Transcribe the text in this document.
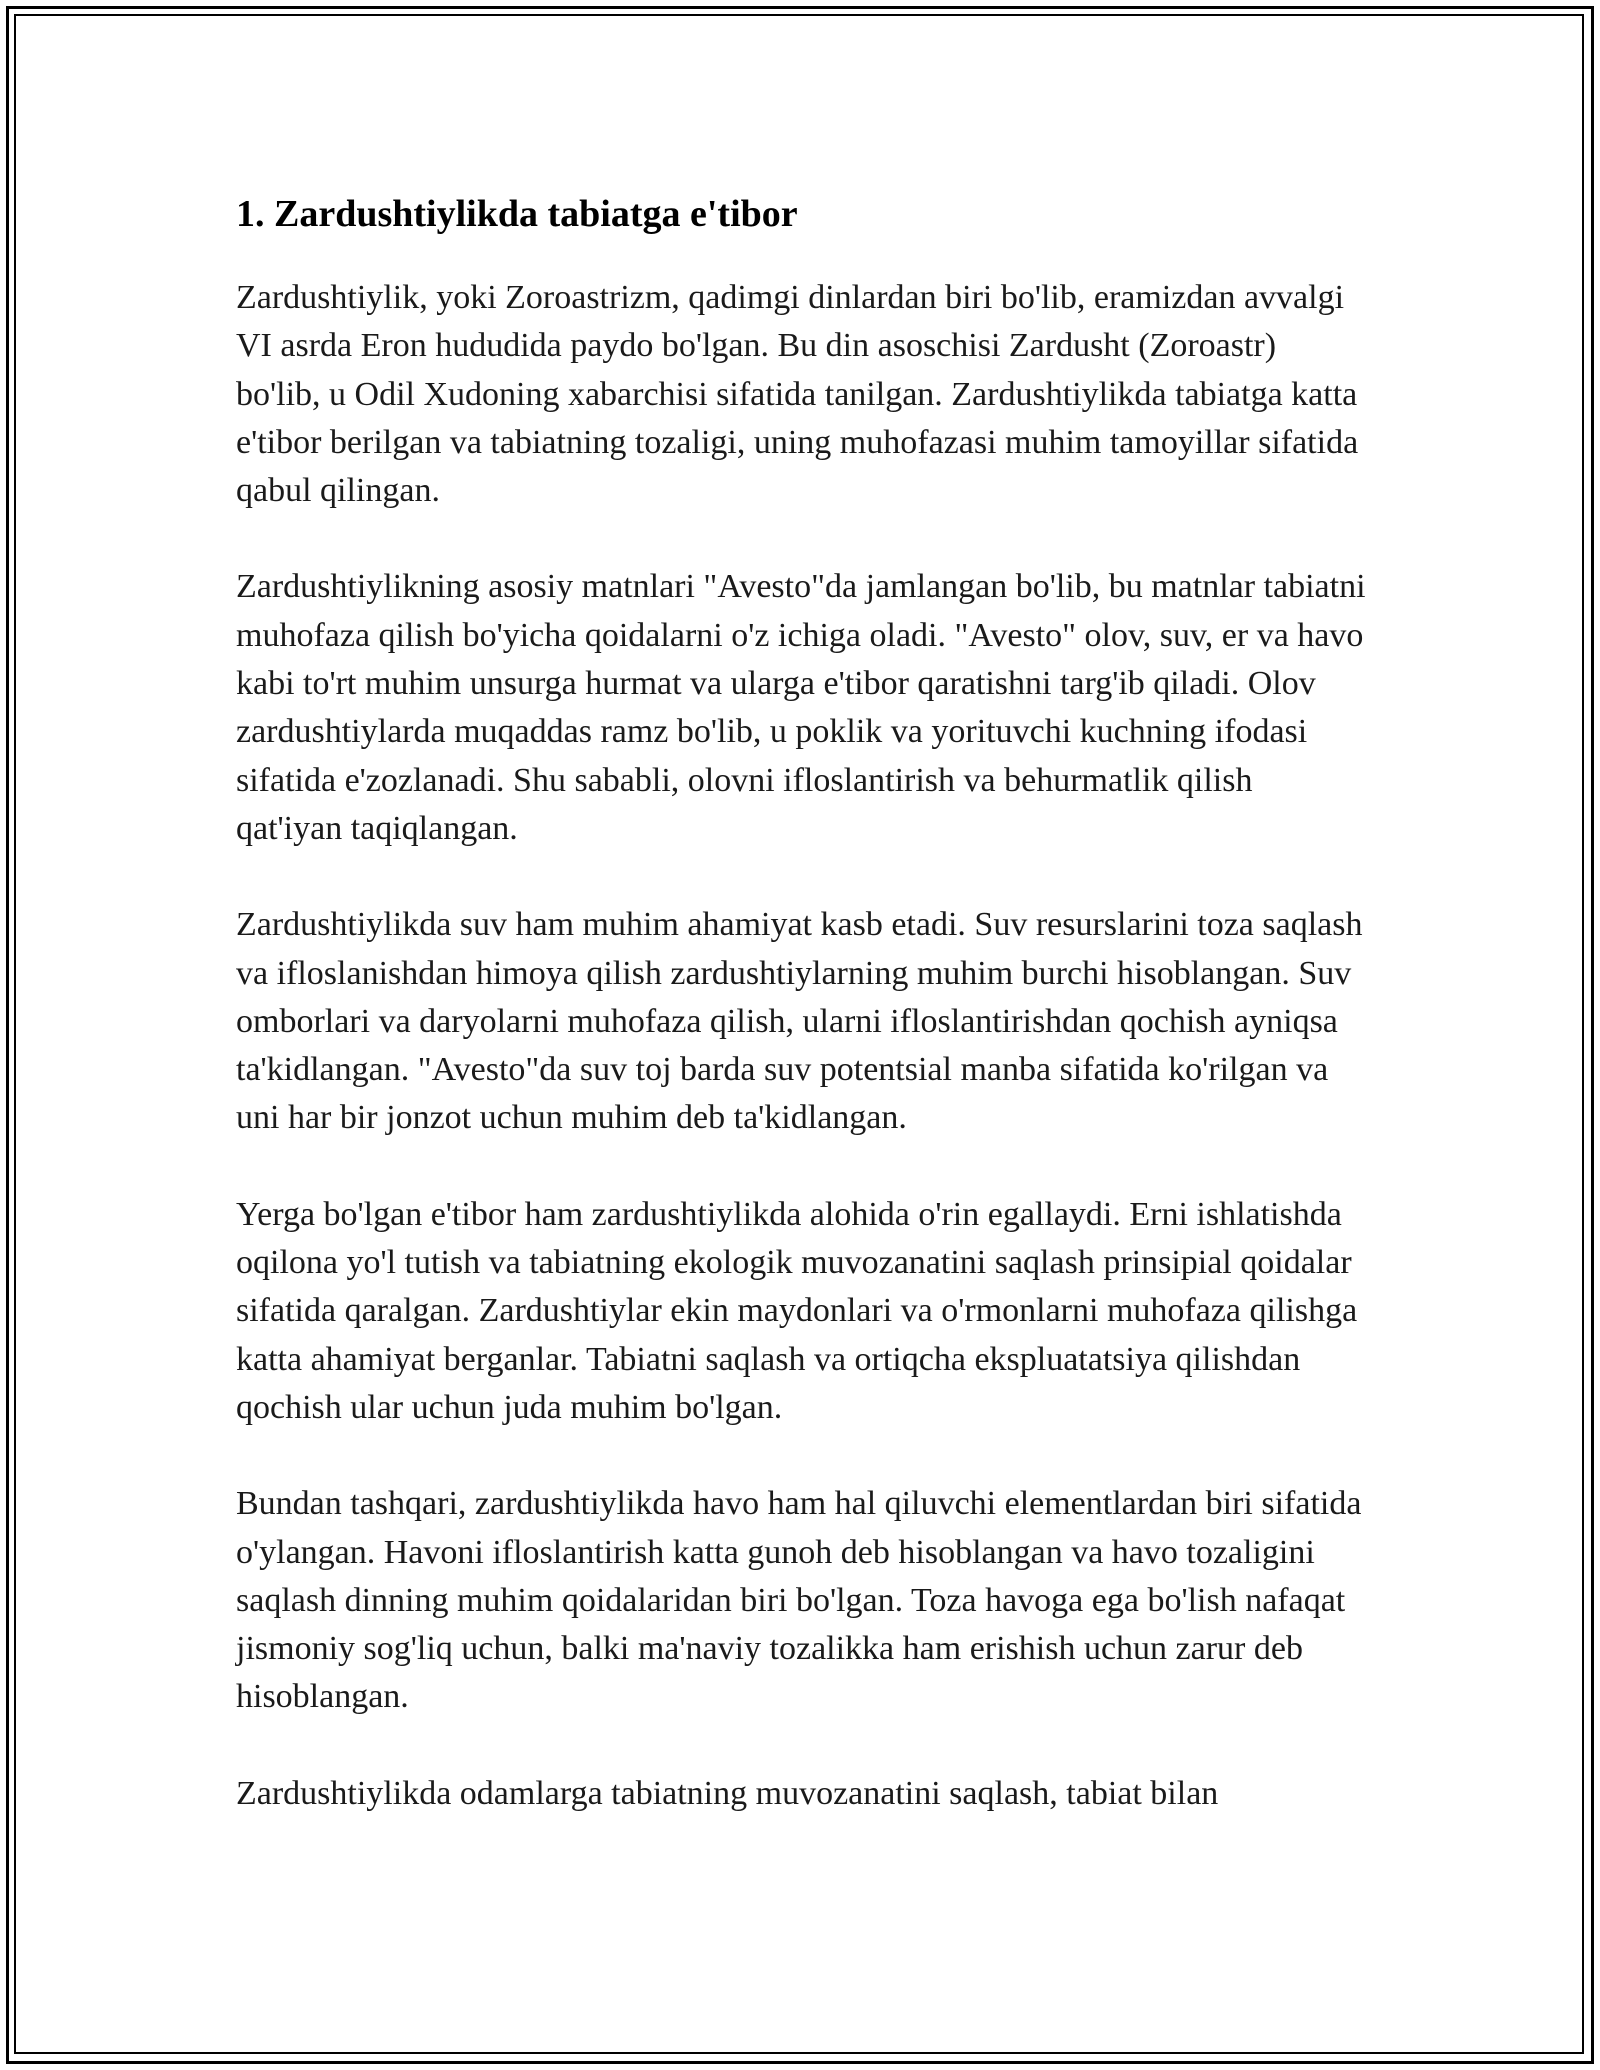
1. Zardushtiylikda tabiatga e'tibor

Zardushtiylik, yoki Zoroastrizm, qadimgi dinlardan biri bo'lib, eramizdan avvalgi VI asrda Eron hududida paydo bo'lgan. Bu din asoschisi Zardusht (Zoroastr) bo'lib, u Odil Xudoning xabarchisi sifatida tanilgan. Zardushtiylikda tabiatga katta e'tibor berilgan va tabiatning tozaligi, uning muhofazasi muhim tamoyillar sifatida qabul qilingan.

Zardushtiylikning asosiy matnlari "Avesto"da jamlangan bo'lib, bu matnlar tabiatni muhofaza qilish bo'yicha qoidalarni o'z ichiga oladi. "Avesto" olov, suv, er va havo kabi to'rt muhim unsurga hurmat va ularga e'tibor qaratishni targ'ib qiladi. Olov zardushtiylarda muqaddas ramz bo'lib, u poklik va yorituvchi kuchning ifodasi sifatida e'zozlanadi. Shu sababli, olovni ifloslantirish va behurmatlik qilish qat'iyan taqiqlangan.

Zardushtiylikda suv ham muhim ahamiyat kasb etadi. Suv resurslarini toza saqlash va ifloslanishdan himoya qilish zardushtiylarning muhim burchi hisoblangan. Suv omborlari va daryolarni muhofaza qilish, ularni ifloslantirishdan qochish ayniqsa ta'kidlangan. "Avesto"da suv toj barda suv potentsial manba sifatida ko'rilgan va uni har bir jonzot uchun muhim deb ta'kidlangan.

Yerga bo'lgan e'tibor ham zardushtiylikda alohida o'rin egallaydi. Erni ishlatishda oqilona yo'l tutish va tabiatning ekologik muvozanatini saqlash prinsipial qoidalar sifatida qaralgan. Zardushtiylar ekin maydonlari va o'rmonlarni muhofaza qilishga katta ahamiyat berganlar. Tabiatni saqlash va ortiqcha ekspluatatsiya qilishdan qochish ular uchun juda muhim bo'lgan.

Bundan tashqari, zardushtiylikda havo ham hal qiluvchi elementlardan biri sifatida o'ylangan. Havoni ifloslantirish katta gunoh deb hisoblangan va havo tozaligini saqlash dinning muhim qoidalaridan biri bo'lgan. Toza havoga ega bo'lish nafaqat jismoniy sog'liq uchun, balki ma'naviy tozalikka ham erishish uchun zarur deb hisoblangan.

Zardushtiylikda odamlarga tabiatning muvozanatini saqlash, tabiat bilan
